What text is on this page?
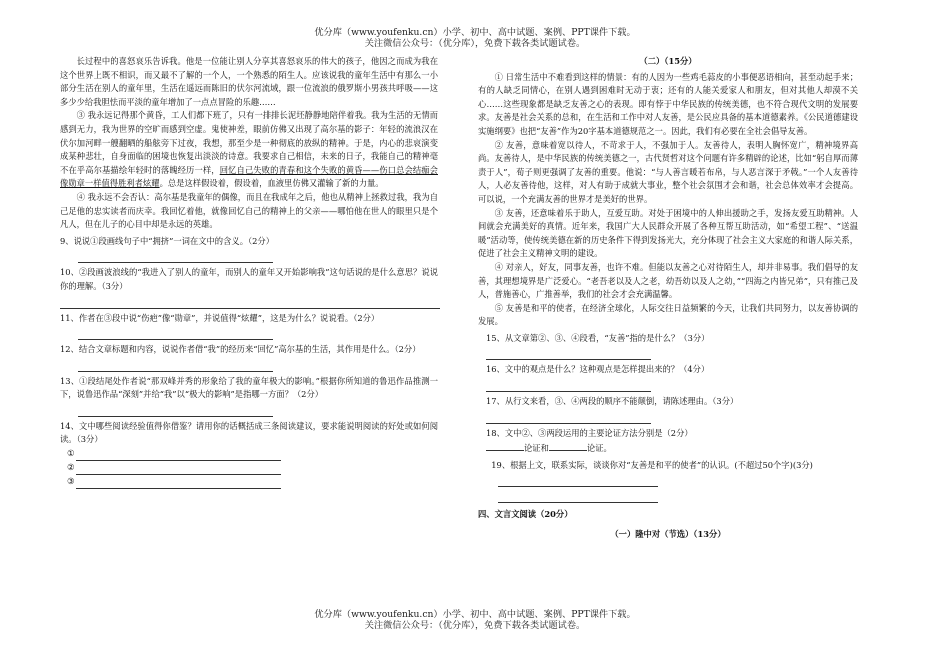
优分库（www.youfenku.cn）小学、初中、高中试题、案例、PPT课件下载。
关注微信公众号：（优分库），免费下载各类试题试卷。

长过程中的喜怒哀乐告诉我。他是一位能让别人分享其喜怒哀乐的伟大的孩子，他因之而成为我在这个世界上既不相识，而又最不了解的一个人，一个熟悉的陌生人。应该说我的童年生活中有那么一小部分生活在别人的童年里，生活在遥远而陈旧的伏尔河流域，跟一位流浪的俄罗斯小男孩共呼吸——这多少少给我胆怯而平淡的童年增加了一点点冒险的乐趣……

③ 我永远记得那个黄昏，工人们都下班了，只有一排排长泥坯静静地陪伴着我。我为生活的无情而感到无力，我为世界的空旷而感到空虚。鬼使神差，眼前仿佛又出现了高尔基的影子：年轻的流浪汉在伏尔加河畔一艘翻晒的船舷旁下过夜，我想，那至少是一种彻底的放纵的精神。于是，内心的悲哀演变成某种悲壮，自身面临的困境也恢复出淡淡的诗意。我要求自己相信，未来的日子，我能自己的精神毫不在乎高尔基描绘年轻时的落魄经历一样，回忆自己失败的青春和这个失败的黄昏——伤口总会结痂会像勋章一样值得胜利者炫耀。总是这样假设着，假设着，血液里仿佛又灌输了新的力量。

④ 我永远不会否认：高尔基是我童年的偶像，而且在我成年之后，他也从精神上拯救过我，我为自己足他的忠实读者而庆幸。我回忆着他，就像回忆自己的精神上的父亲——哪怕他在世人的眼里只是个凡人，但在儿子的心目中却是永远的英雄。

9、说说①段画线句子中“拥挤”一词在文中的含义。（2分）

10、②段画波浪线的“我进入了别人的童年，而别人的童年又开始影响我”这句话说的是什么意思？说说你的理解。（3分）

11、作者在③段中说“伤疤”像“勋章”，并说值得“炫耀”，这是为什么？说说看。（2分）

12、结合文章标题和内容，说说作者借“我”的经历来“回忆”高尔基的生活，其作用是什么。（2分）

13、①段结尾处作者说“那双峰并秀的形象给了我的童年极大的影响。”根据你所知道的鲁迅作品推测一下，说鲁迅作品“深刻”并给“我”以“极大的影响”是指哪一方面？（2分）

14、文中哪些阅读经验值得你借鉴？请用你的话概括成三条阅读建议，要求能说明阅读的好处或如何阅读。（3分）

①
②
③

（二）（15分）

① 日常生活中不难看到这样的情景：有的人因为一些鸡毛蒜皮的小事便恶语相向，甚至动起手来；有的人缺乏同情心，在别人遇到困难时无动于衷；还有的人能关爱家人和朋友，但对其他人却漠不关心……这些现象都是缺乏友善之心的表现。即有悖于中华民族的传统美德，也不符合现代文明的发展要求。友善是社会关系的总和，在生活和工作中对人友善，是公民应具备的基本道德素养。《公民道德建设实施纲要》也把“友善”作为20字基本道德规范之一。因此，我们有必要在全社会倡导友善。

② 友善，意味着宽以待人，不苛求于人，不强加于人。友善待人，表明人胸怀宽广，精神境界高尚。友善待人，是中华民族的传统美德之一，古代贤哲对这个问题有许多精辟的论述，比如“躬自厚而薄责于人”，荀子则更强调了友善的重要。他说：“与人善言暖若布帛，与人恶言深于矛戟。”一个人友善待人，人必友善待他，这样，对人有助于成就大事业，整个社会氛围才会和谐，社会总体效率才会提高。可以说，一个充满友善的世界才是美好的世界。

③ 友善，还意味着乐于助人，互爱互助。对处于困境中的人伸出援助之手，发扬友爱互助精神。人间就会充满美好的真情。近年来，我国广大人民群众开展了各种互帮互助活动，如“希望工程”、“送温暖”活动等，使传统美德在新的历史条件下得到发扬光大，充分体现了社会主义大家庭的和谐人际关系，促进了社会主义精神文明的建设。

④ 对亲人，好友，同事友善，也许不难。但能以友善之心对待陌生人，却并非易事。我们倡导的友善，其理想境界是广泛爱心。“老吾老以及人之老，幼吾幼以及人之幼，”“四海之内皆兄弟”，只有推己及人，普施善心，广推善举，我们的社会才会充满温馨。

⑤ 友善是和平的使者，在经济全球化，人际交往日益频繁的今天，让我们共同努力，以友善协调的发展。

15、从文章第②、③、④段看，“友善”指的是什么？（3分）

16、文中的观点是什么？这种观点是怎样提出来的？（4分）

17、从行文来看，③、④两段的顺序不能颠倒，请陈述理由。（3分）

18、文中②、③两段运用的主要论证方法分别是（2分）

论证和	论证。

19、根据上文，联系实际，谈谈你对“友善是和平的使者”的认识。(不超过50个字)(3分)

四、文言文阅读（20分）

（一）隆中对（节选）（13分）

优分库（www.youfenku.cn）小学、初中、高中试题、案例、PPT课件下载。
关注微信公众号：（优分库），免费下载各类试题试卷。
